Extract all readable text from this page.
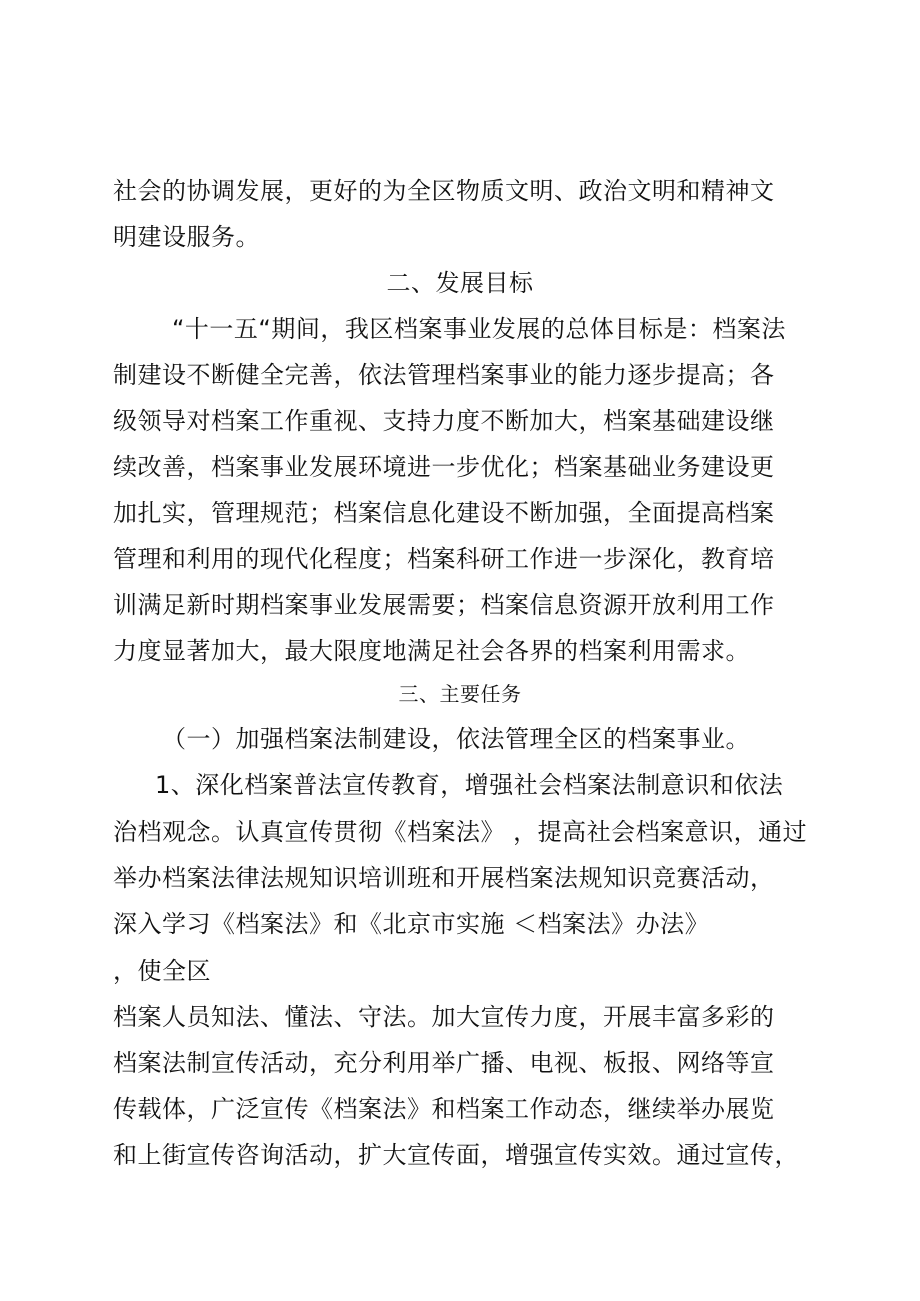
社会的协调发展，更好的为全区物质文明、政治文明和精神文
明建设服务。
二、发展目标
“十一五“期间，我区档案事业发展的总体目标是：档案法
制建设不断健全完善，依法管理档案事业的能力逐步提高；各
级领导对档案工作重视、支持力度不断加大，档案基础建设继
续改善，档案事业发展环境进一步优化；档案基础业务建设更
加扎实，管理规范；档案信息化建设不断加强，全面提高档案
管理和利用的现代化程度；档案科研工作进一步深化，教育培
训满足新时期档案事业发展需要；档案信息资源开放利用工作
力度显著加大，最大限度地满足社会各界的档案利用需求。
三、主要任务
（一）加强档案法制建设，依法管理全区的档案事业。
1、深化档案普法宣传教育，增强社会档案法制意识和依法
治档观念。认真宣传贯彻《档案法》 ，提高社会档案意识，通过
举办档案法律法规知识培训班和开展档案法规知识竞赛活动，
深入学习《档案法》和《北京市实施 ＜档案法》办法》
，使全区
档案人员知法、懂法、守法。加大宣传力度，开展丰富多彩的
档案法制宣传活动，充分利用举广播、电视、板报、网络等宣
传载体，广泛宣传《档案法》和档案工作动态，继续举办展览
和上街宣传咨询活动，扩大宣传面，增强宣传实效。通过宣传，
